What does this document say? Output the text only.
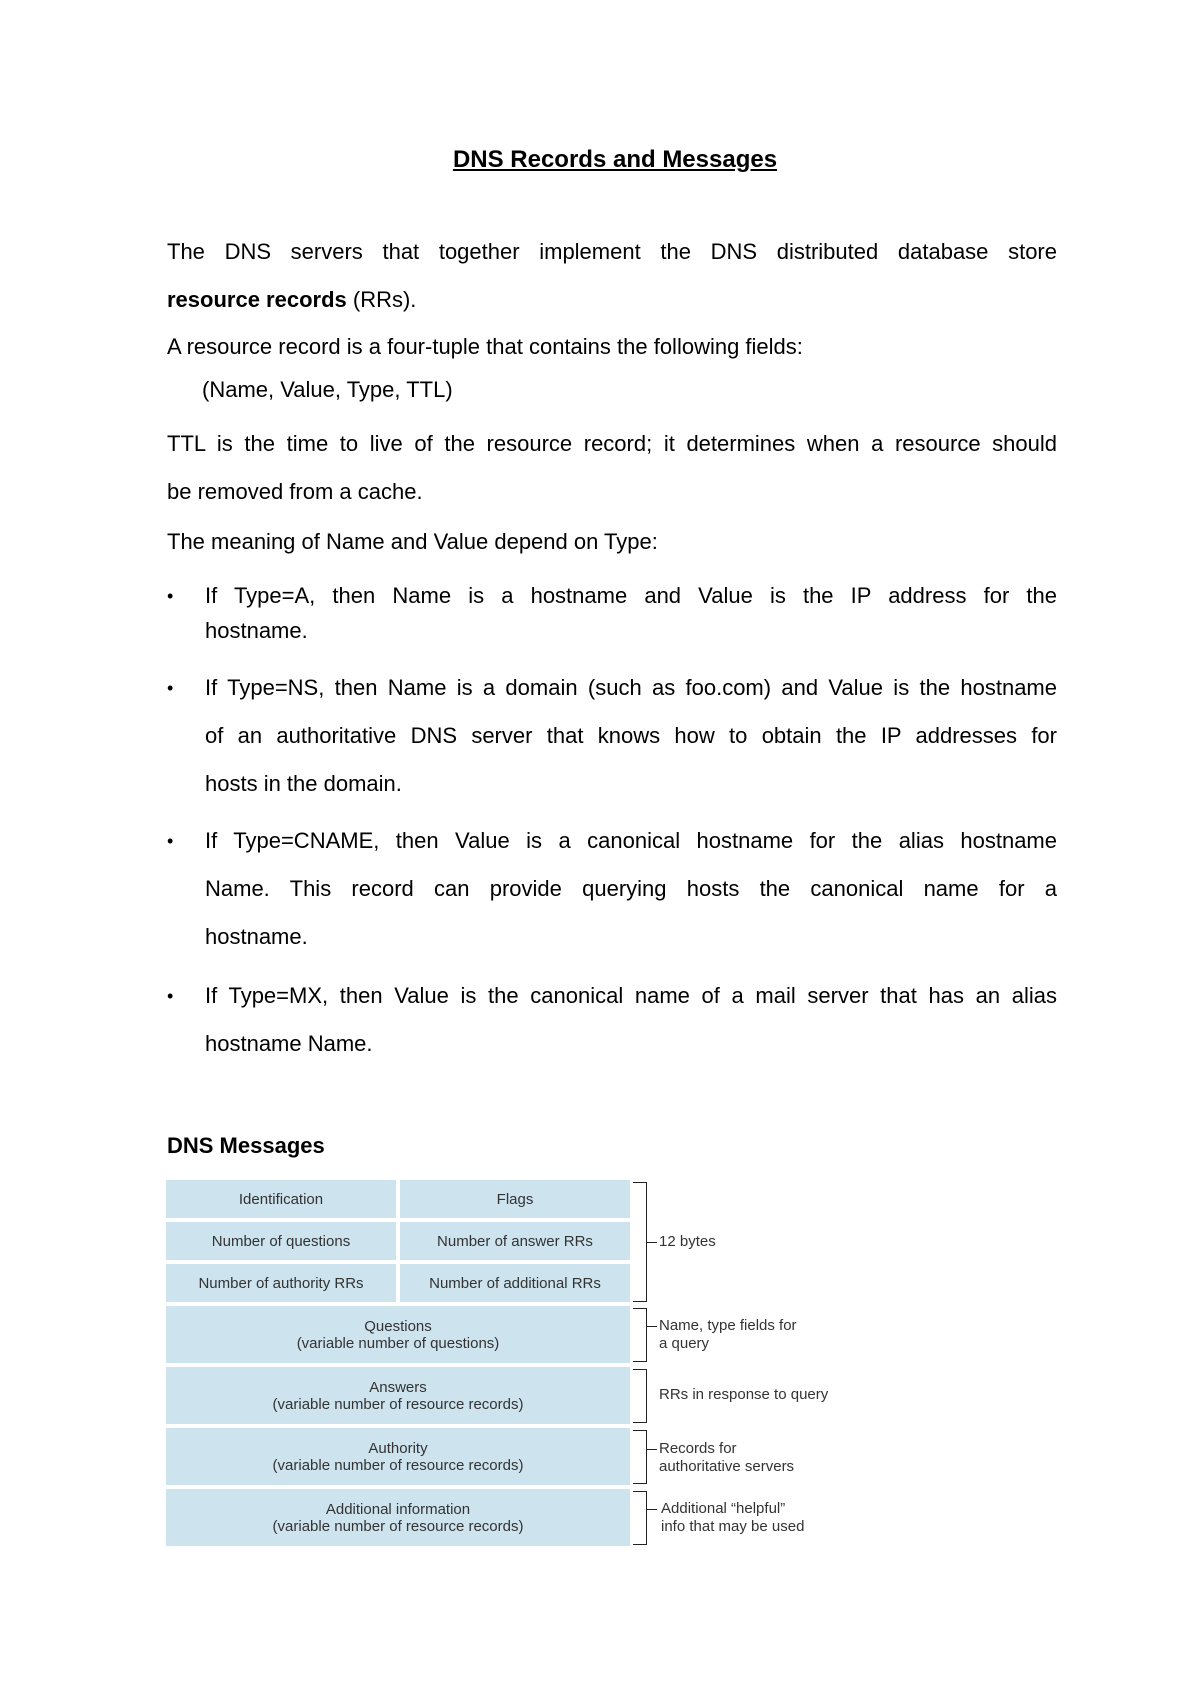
DNS Records and Messages
The DNS servers that together implement the DNS distributed database store
resource records (RRs).
A resource record is a four-tuple that contains the following fields:
(Name, Value, Type, TTL)
TTL is the time to live of the resource record; it determines when a resource should
be removed from a cache.
The meaning of Name and Value depend on Type:
•	If Type=A, then Name is a hostname and Value is the IP address for the
hostname.
•	If Type=NS, then Name is a domain (such as foo.com) and Value is the hostname
of an authoritative DNS server that knows how to obtain the IP addresses for
hosts in the domain.
•	If Type=CNAME, then Value is a canonical hostname for the alias hostname
Name. This record can provide querying hosts the canonical name for a
hostname.
•	If Type=MX, then Value is the canonical name of a mail server that has an alias
hostname Name.
DNS Messages
Identification	Flags
Number of questions	Number of answer RRs
Number of authority RRs	Number of additional RRs
Questions
(variable number of questions)
Answers
(variable number of resource records)
Authority
(variable number of resource records)
Additional information
(variable number of resource records)
12 bytes
Name, type fields for
a query
RRs in response to query
Records for
authoritative servers
Additional “helpful”
info that may be used
